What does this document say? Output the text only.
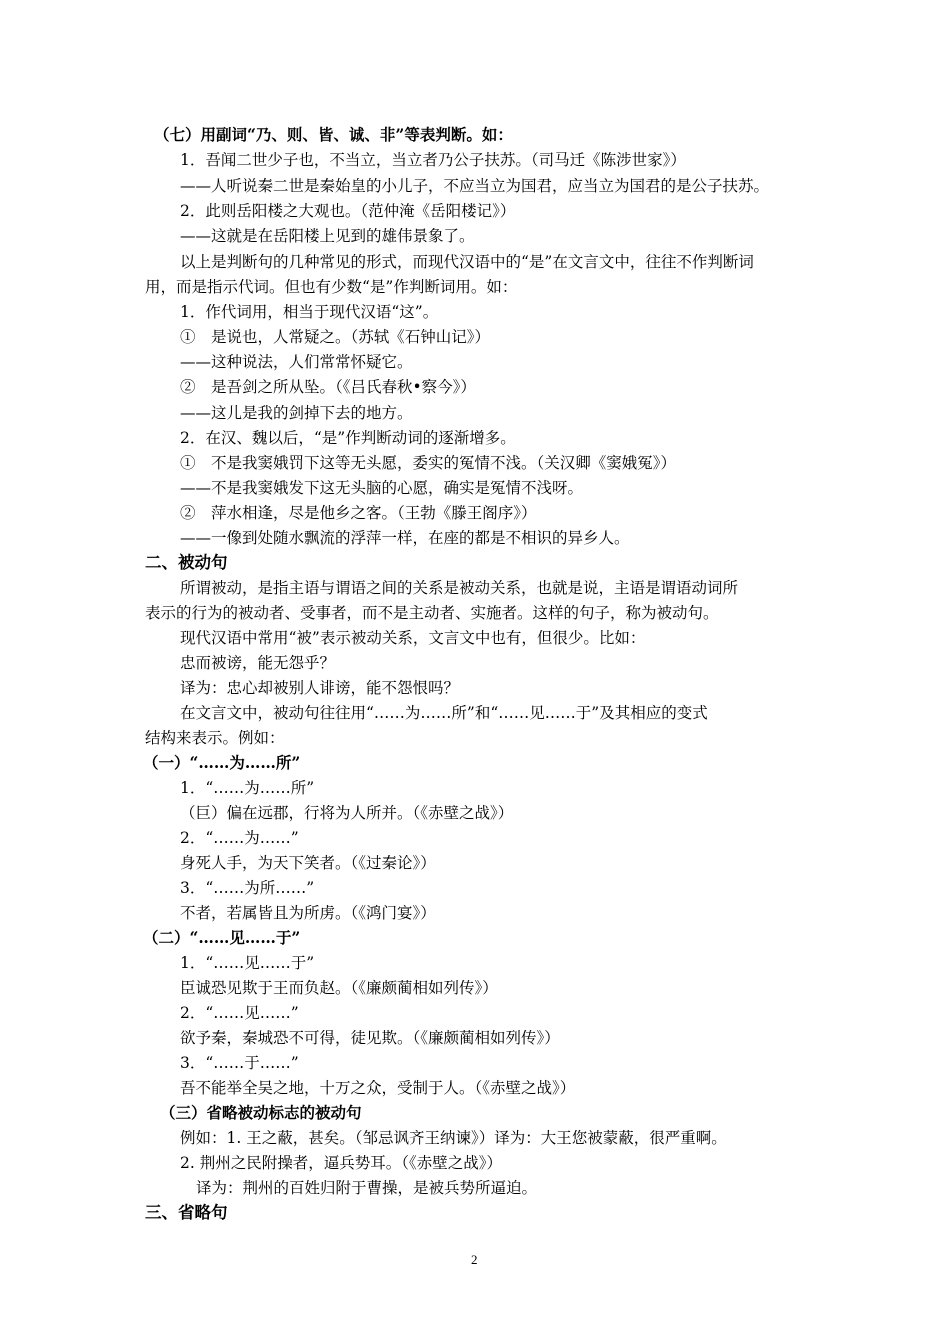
（七）用副词“乃、则、皆、诚、非”等表判断。如：
1．吾闻二世少子也，不当立，当立者乃公子扶苏。（司马迁《陈涉世家》）
——人听说秦二世是秦始皇的小儿子，不应当立为国君，应当立为国君的是公子扶苏。
2．此则岳阳楼之大观也。（范仲淹《岳阳楼记》）
——这就是在岳阳楼上见到的雄伟景象了。
以上是判断句的几种常见的形式，而现代汉语中的“是”在文言文中，往往不作判断词
用，而是指示代词。但也有少数“是”作判断词用。如：
1．作代词用，相当于现代汉语“这”。
①　是说也，人常疑之。（苏轼《石钟山记》）
——这种说法，人们常常怀疑它。
②　是吾剑之所从坠。（《吕氏春秋•察今》）
——这儿是我的剑掉下去的地方。
2．在汉、魏以后，“是”作判断动词的逐渐增多。
①　不是我窦娥罚下这等无头愿，委实的冤情不浅。（关汉卿《窦娥冤》）
——不是我窦娥发下这无头脑的心愿，确实是冤情不浅呀。
②　萍水相逢，尽是他乡之客。（王勃《滕王阁序》）
——一像到处随水飘流的浮萍一样，在座的都是不相识的异乡人。
二、被动句
所谓被动，是指主语与谓语之间的关系是被动关系，也就是说，主语是谓语动词所
表示的行为的被动者、受事者，而不是主动者、实施者。这样的句子，称为被动句。
现代汉语中常用“被”表示被动关系，文言文中也有，但很少。比如：
忠而被谤，能无怨乎？
译为：忠心却被别人诽谤，能不怨恨吗？
在文言文中，被动句往往用“……为……所”和“……见……于”及其相应的变式
结构来表示。例如：
（一）“……为……所”
1．“……为……所”
（巨）偏在远郡，行将为人所并。（《赤壁之战》）
2．“……为……”
身死人手，为天下笑者。（《过秦论》）
3．“……为所……”
不者，若属皆且为所虏。（《鸿门宴》）
（二）“……见……于”
1．“……见……于”
臣诚恐见欺于王而负赵。（《廉颇蔺相如列传》）
2．“……见……”
欲予秦，秦城恐不可得，徒见欺。（《廉颇蔺相如列传》）
3．“……于……”
吾不能举全吴之地，十万之众，受制于人。（《赤壁之战》）
（三）省略被动标志的被动句
例如：1. 王之蔽，甚矣。（邹忌讽齐王纳谏》）译为：大王您被蒙蔽，很严重啊。
2. 荆州之民附操者，逼兵势耳。（《赤壁之战》）
译为：荆州的百姓归附于曹操，是被兵势所逼迫。
三、省略句
2
